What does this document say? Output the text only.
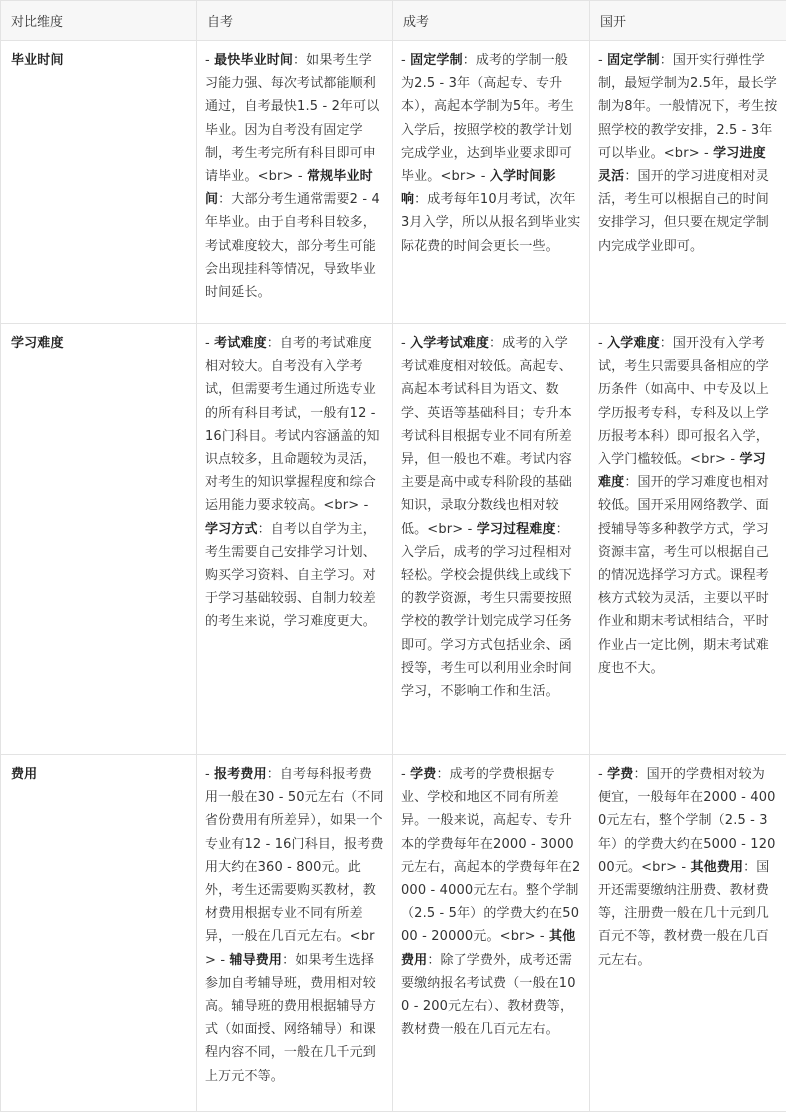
对比维度	自考	成考	国开
毕业时间	- 最快毕业时间：如果考生学习能力强、每次考试都能顺利通过，自考最快1.5 - 2年可以毕业。因为自考没有固定学制，考生考完所有科目即可申请毕业。<br> - 常规毕业时间：大部分考生通常需要2 - 4年毕业。由于自考科目较多，考试难度较大，部分考生可能会出现挂科等情况，导致毕业时间延长。	- 固定学制：成考的学制一般为2.5 - 3年（高起专、专升本），高起本学制为5年。考生入学后，按照学校的教学计划完成学业，达到毕业要求即可毕业。<br> - 入学时间影响：成考每年10月考试，次年3月入学，所以从报名到毕业实际花费的时间会更长一些。	- 固定学制：国开实行弹性学制，最短学制为2.5年，最长学制为8年。一般情况下，考生按照学校的教学安排，2.5 - 3年可以毕业。<br> - 学习进度灵活：国开的学习进度相对灵活，考生可以根据自己的时间安排学习，但只要在规定学制内完成学业即可。
学习难度	- 考试难度：自考的考试难度相对较大。自考没有入学考试，但需要考生通过所选专业的所有科目考试，一般有12 - 16门科目。考试内容涵盖的知识点较多，且命题较为灵活，对考生的知识掌握程度和综合运用能力要求较高。<br> - 学习方式：自考以自学为主，考生需要自己安排学习计划、购买学习资料、自主学习。对于学习基础较弱、自制力较差的考生来说，学习难度更大。	- 入学考试难度：成考的入学考试难度相对较低。高起专、高起本考试科目为语文、数学、英语等基础科目；专升本考试科目根据专业不同有所差异，但一般也不难。考试内容主要是高中或专科阶段的基础知识，录取分数线也相对较低。<br> - 学习过程难度：入学后，成考的学习过程相对轻松。学校会提供线上或线下的教学资源，考生只需要按照学校的教学计划完成学习任务即可。学习方式包括业余、函授等，考生可以利用业余时间学习，不影响工作和生活。	- 入学难度：国开没有入学考试，考生只需要具备相应的学历条件（如高中、中专及以上学历报考专科，专科及以上学历报考本科）即可报名入学，入学门槛较低。<br> - 学习难度：国开的学习难度也相对较低。国开采用网络教学、面授辅导等多种教学方式，学习资源丰富，考生可以根据自己的情况选择学习方式。课程考核方式较为灵活，主要以平时作业和期末考试相结合，平时作业占一定比例，期末考试难度也不大。
费用	- 报考费用：自考每科报考费用一般在30 - 50元左右（不同省份费用有所差异），如果一个专业有12 - 16门科目，报考费用大约在360 - 800元。此外，考生还需要购买教材，教材费用根据专业不同有所差异，一般在几百元左右。<br> - 辅导费用：如果考生选择参加自考辅导班，费用相对较高。辅导班的费用根据辅导方式（如面授、网络辅导）和课程内容不同，一般在几千元到上万元不等。	- 学费：成考的学费根据专业、学校和地区不同有所差异。一般来说，高起专、专升本的学费每年在2000 - 3000元左右，高起本的学费每年在2000 - 4000元左右。整个学制（2.5 - 5年）的学费大约在5000 - 20000元。<br> - 其他费用：除了学费外，成考还需要缴纳报名考试费（一般在100 - 200元左右）、教材费等，教材费一般在几百元左右。	- 学费：国开的学费相对较为便宜，一般每年在2000 - 4000元左右，整个学制（2.5 - 3年）的学费大约在5000 - 12000元。<br> - 其他费用：国开还需要缴纳注册费、教材费等，注册费一般在几十元到几百元不等，教材费一般在几百元左右。
